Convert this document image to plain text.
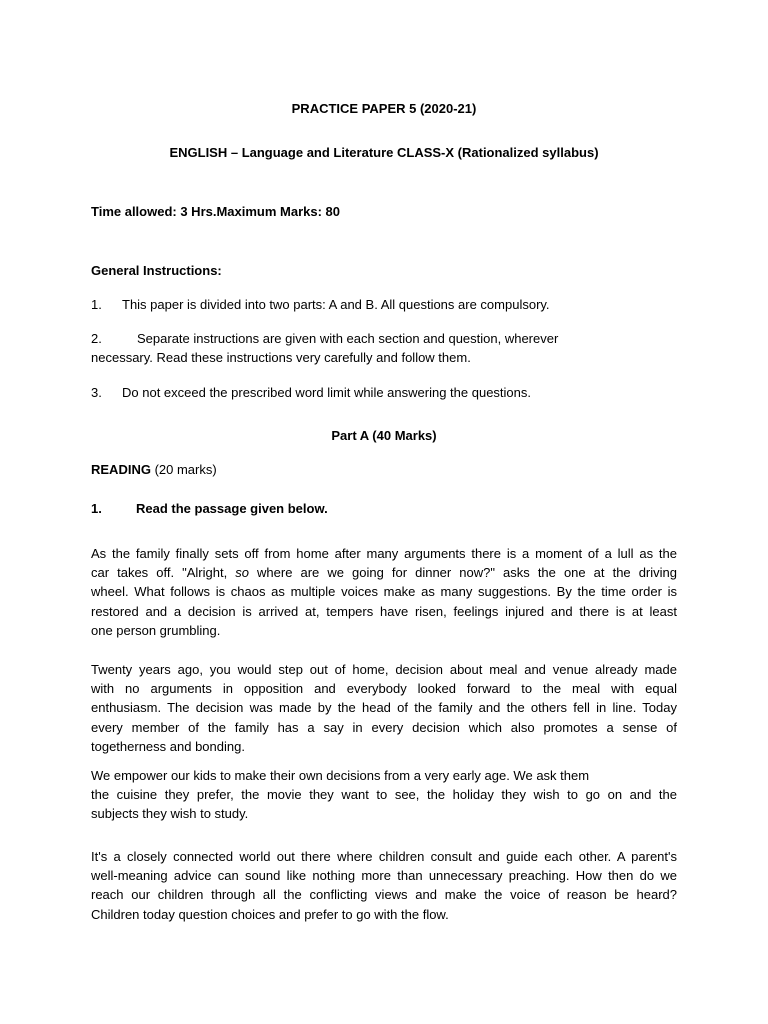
PRACTICE PAPER 5 (2020-21)
ENGLISH – Language and Literature CLASS-X (Rationalized syllabus)
Time allowed: 3 Hrs.Maximum Marks: 80
General Instructions:
1. This paper is divided into two parts: A and B. All questions are compulsory.
2.	Separate instructions are given with each section and question, wherever
necessary. Read these instructions very carefully and follow them.
3. Do not exceed the prescribed word limit while answering the questions.
Part A (40 Marks)
READING (20 marks)
1.	Read the passage given below.
As the family finally sets off from home after many arguments there is a moment of a lull as the
car takes off. "Alright, so where are we going for dinner now?" asks the one at the driving
wheel. What follows is chaos as multiple voices make as many suggestions. By the time order is
restored and a decision is arrived at, tempers have risen, feelings injured and there is at least
one person grumbling.
Twenty years ago, you would step out of home, decision about meal and venue already made
with no arguments in opposition and everybody looked forward to the meal with equal
enthusiasm. The decision was made by the head of the family and the others fell in line. Today
every member of the family has a say in every decision which also promotes a sense of
togetherness and bonding.
We empower our kids to make their own decisions from a very early age. We ask them
the cuisine they prefer, the movie they want to see, the holiday they wish to go on and the
subjects they wish to study.
It's a closely connected world out there where children consult and guide each other. A parent's
well-meaning advice can sound like nothing more than unnecessary preaching. How then do we
reach our children through all the conflicting views and make the voice of reason be heard?
Children today question choices and prefer to go with the flow.
